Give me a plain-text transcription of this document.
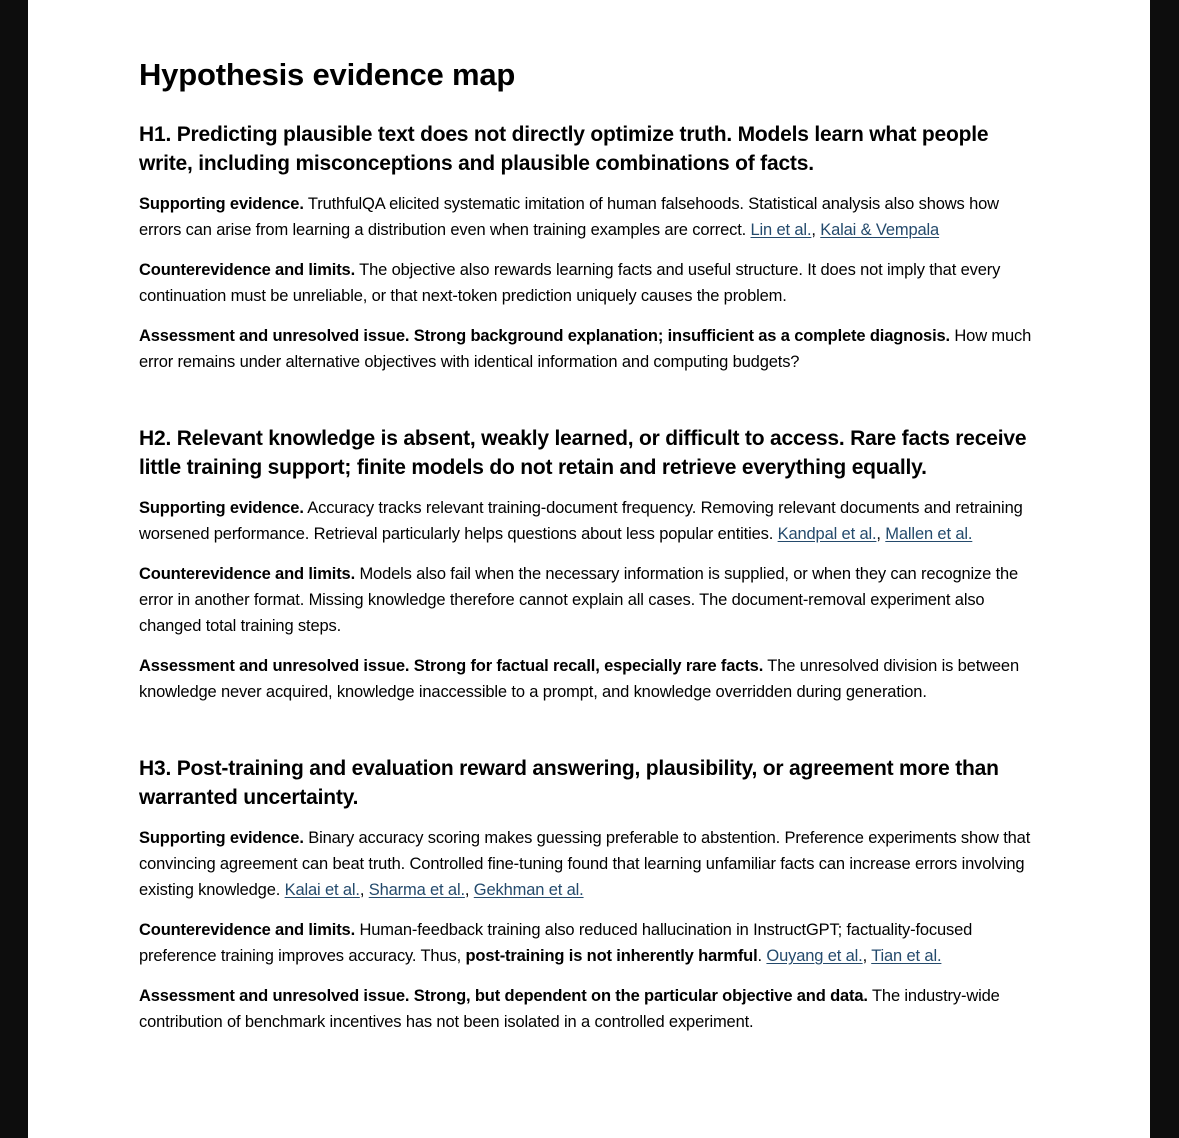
Hypothesis evidence map
H1. Predicting plausible text does not directly optimize truth. Models learn what people write, including misconceptions and plausible combinations of facts.

Supporting evidence. TruthfulQA elicited systematic imitation of human falsehoods. Statistical analysis also shows how errors can arise from learning a distribution even when training examples are correct. Lin et al., Kalai & Vempala

Counterevidence and limits. The objective also rewards learning facts and useful structure. It does not imply that every continuation must be unreliable, or that next-token prediction uniquely causes the problem.

Assessment and unresolved issue. Strong background explanation; insufficient as a complete diagnosis. How much error remains under alternative objectives with identical information and computing budgets?

H2. Relevant knowledge is absent, weakly learned, or difficult to access. Rare facts receive little training support; finite models do not retain and retrieve everything equally.

Supporting evidence. Accuracy tracks relevant training-document frequency. Removing relevant documents and retraining worsened performance. Retrieval particularly helps questions about less popular entities. Kandpal et al., Mallen et al.

Counterevidence and limits. Models also fail when the necessary information is supplied, or when they can recognize the error in another format. Missing knowledge therefore cannot explain all cases. The document-removal experiment also changed total training steps.

Assessment and unresolved issue. Strong for factual recall, especially rare facts. The unresolved division is between knowledge never acquired, knowledge inaccessible to a prompt, and knowledge overridden during generation.

H3. Post-training and evaluation reward answering, plausibility, or agreement more than warranted uncertainty.

Supporting evidence. Binary accuracy scoring makes guessing preferable to abstention. Preference experiments show that convincing agreement can beat truth. Controlled fine-tuning found that learning unfamiliar facts can increase errors involving existing knowledge. Kalai et al., Sharma et al., Gekhman et al.

Counterevidence and limits. Human-feedback training also reduced hallucination in InstructGPT; factuality-focused preference training improves accuracy. Thus, post-training is not inherently harmful. Ouyang et al., Tian et al.

Assessment and unresolved issue. Strong, but dependent on the particular objective and data. The industry-wide contribution of benchmark incentives has not been isolated in a controlled experiment.
